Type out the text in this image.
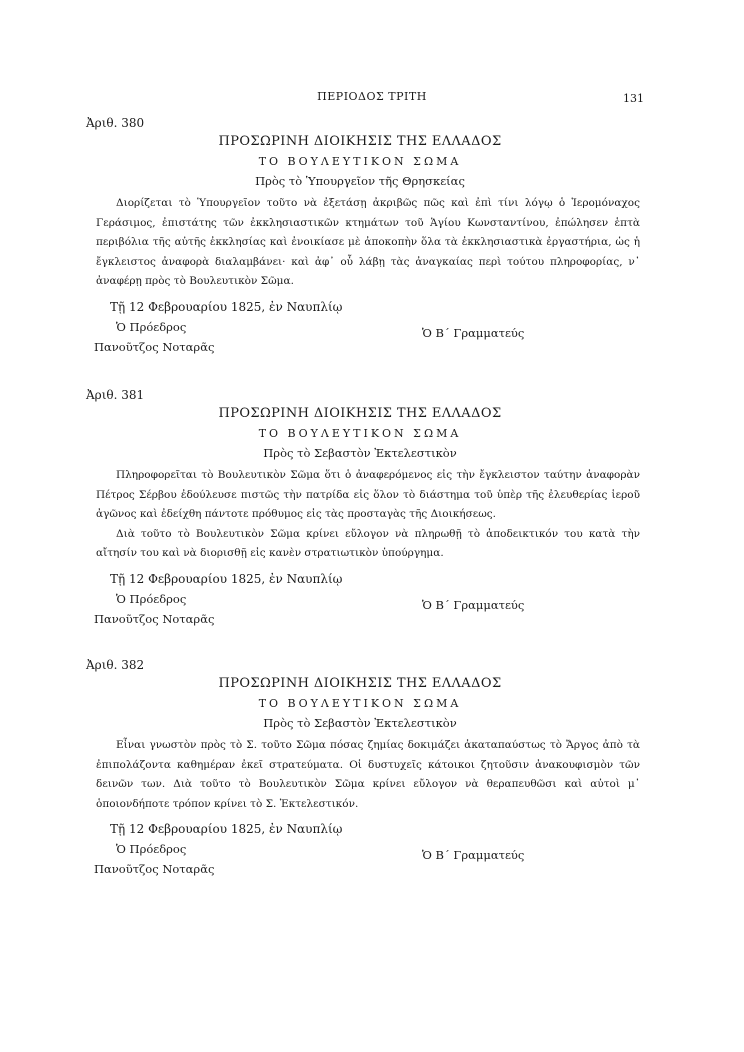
ΠΕΡΙΟΔΟΣ ΤΡΙΤΗ	131
Ἀριθ. 380
ΠΡΟΣΩΡΙΝΗ ΔΙΟΙΚΗΣΙΣ ΤΗΣ ΕΛΛΑΔΟΣ
ΤΟ ΒΟΥΛΕΥΤΙΚΟΝ ΣΩΜΑ
Πρὸς τὸ Ὑπουργεῖον τῆς Θρησκείας

Διορίζεται τὸ Ὑπουργεῖον τοῦτο νὰ ἐξετάσῃ ἀκριβῶς πῶς καὶ ἐπὶ τίνι λόγῳ ὁ Ἱερομόναχος Γεράσιμος, ἐπιστάτης τῶν ἐκκλησιαστικῶν κτημάτων τοῦ Ἁγίου Κωνσταντίνου, ἐπώλησεν ἑπτὰ περιβόλια τῆς αὐτῆς ἐκκλησίας καὶ ἐνοικίασε μὲ ἀποκοπὴν ὅλα τὰ ἐκκλησιαστικὰ ἐργαστήρια, ὡς ἡ ἔγκλειστος ἀναφορὰ διαλαμβάνει· καὶ ἀφ᾽ οὗ λάβῃ τὰς ἀναγκαίας περὶ τούτου πληροφορίας, ν᾽ ἀναφέρῃ πρὸς τὸ Βουλευτικὸν Σῶμα.

Τῇ 12 Φεβρουαρίου 1825, ἐν Ναυπλίῳ
Ὁ Πρόεδρος
Πανοῦτζος Νοταρᾶς
Ὁ Β΄ Γραμματεύς
Ἀριθ. 381
ΠΡΟΣΩΡΙΝΗ ΔΙΟΙΚΗΣΙΣ ΤΗΣ ΕΛΛΑΔΟΣ
ΤΟ ΒΟΥΛΕΥΤΙΚΟΝ ΣΩΜΑ
Πρὸς τὸ Σεβαστὸν Ἐκτελεστικὸν

Πληροφορεῖται τὸ Βουλευτικὸν Σῶμα ὅτι ὁ ἀναφερόμενος εἰς τὴν ἔγκλειστον ταύτην ἀναφορὰν Πέτρος Σέρβου ἐδούλευσε πιστῶς τὴν πατρίδα εἰς ὅλον τὸ διάστημα τοῦ ὑπὲρ τῆς ἐλευθερίας ἱεροῦ ἀγῶνος καὶ ἐδείχθη πάντοτε πρόθυμος εἰς τὰς προσταγὰς τῆς Διοικήσεως.

Διὰ τοῦτο τὸ Βουλευτικὸν Σῶμα κρίνει εὔλογον νὰ πληρωθῇ τὸ ἀποδεικτικόν του κατὰ τὴν αἴτησίν του καὶ νὰ διορισθῇ εἰς κανὲν στρατιωτικὸν ὑπούργημα.

Τῇ 12 Φεβρουαρίου 1825, ἐν Ναυπλίῳ
Ὁ Πρόεδρος
Πανοῦτζος Νοταρᾶς
Ὁ Β΄ Γραμματεύς
Ἀριθ. 382
ΠΡΟΣΩΡΙΝΗ ΔΙΟΙΚΗΣΙΣ ΤΗΣ ΕΛΛΑΔΟΣ
ΤΟ ΒΟΥΛΕΥΤΙΚΟΝ ΣΩΜΑ
Πρὸς τὸ Σεβαστὸν Ἐκτελεστικὸν

Εἶναι γνωστὸν πρὸς τὸ Σ. τοῦτο Σῶμα πόσας ζημίας δοκιμάζει ἀκαταπαύστως τὸ Ἄργος ἀπὸ τὰ ἐπιπολάζοντα καθημέραν ἐκεῖ στρατεύματα. Οἱ δυστυχεῖς κάτοικοι ζητοῦσιν ἀνακουφισμὸν τῶν δεινῶν των. Διὰ τοῦτο τὸ Βουλευτικὸν Σῶμα κρίνει εὔλογον νὰ θεραπευθῶσι καὶ αὐτοὶ μ᾽ ὁποιονδήποτε τρόπον κρίνει τὸ Σ. Ἐκτελεστικόν.

Τῇ 12 Φεβρουαρίου 1825, ἐν Ναυπλίῳ
Ὁ Πρόεδρος
Πανοῦτζος Νοταρᾶς
Ὁ Β΄ Γραμματεύς
